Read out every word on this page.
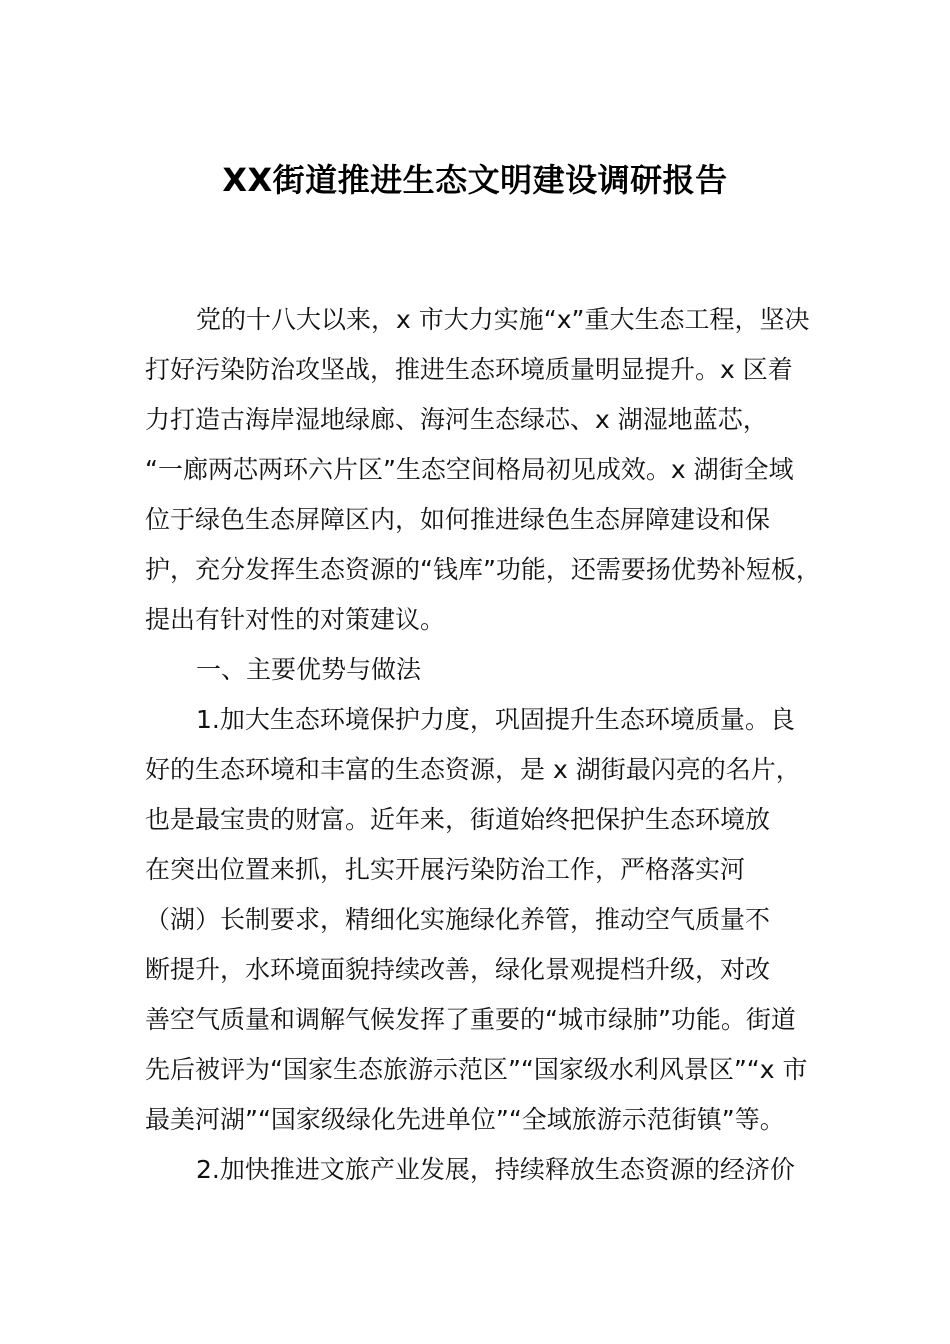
XX街道推进生态文明建设调研报告
党的十八大以来，x 市大力实施“x”重大生态工程，坚决
打好污染防治攻坚战，推进生态环境质量明显提升。x 区着
力打造古海岸湿地绿廊、海河生态绿芯、x 湖湿地蓝芯，
“一廊两芯两环六片区”生态空间格局初见成效。x 湖街全域
位于绿色生态屏障区内，如何推进绿色生态屏障建设和保
护，充分发挥生态资源的“钱库”功能，还需要扬优势补短板，
提出有针对性的对策建议。
一、主要优势与做法
1.加大生态环境保护力度，巩固提升生态环境质量。良
好的生态环境和丰富的生态资源，是 x 湖街最闪亮的名片，
也是最宝贵的财富。近年来，街道始终把保护生态环境放
在突出位置来抓，扎实开展污染防治工作，严格落实河
（湖）长制要求，精细化实施绿化养管，推动空气质量不
断提升，水环境面貌持续改善，绿化景观提档升级，对改
善空气质量和调解气候发挥了重要的“城市绿肺”功能。街道
先后被评为“国家生态旅游示范区”“国家级水利风景区”“x 市
最美河湖”“国家级绿化先进单位”“全域旅游示范街镇”等。
2.加快推进文旅产业发展，持续释放生态资源的经济价
